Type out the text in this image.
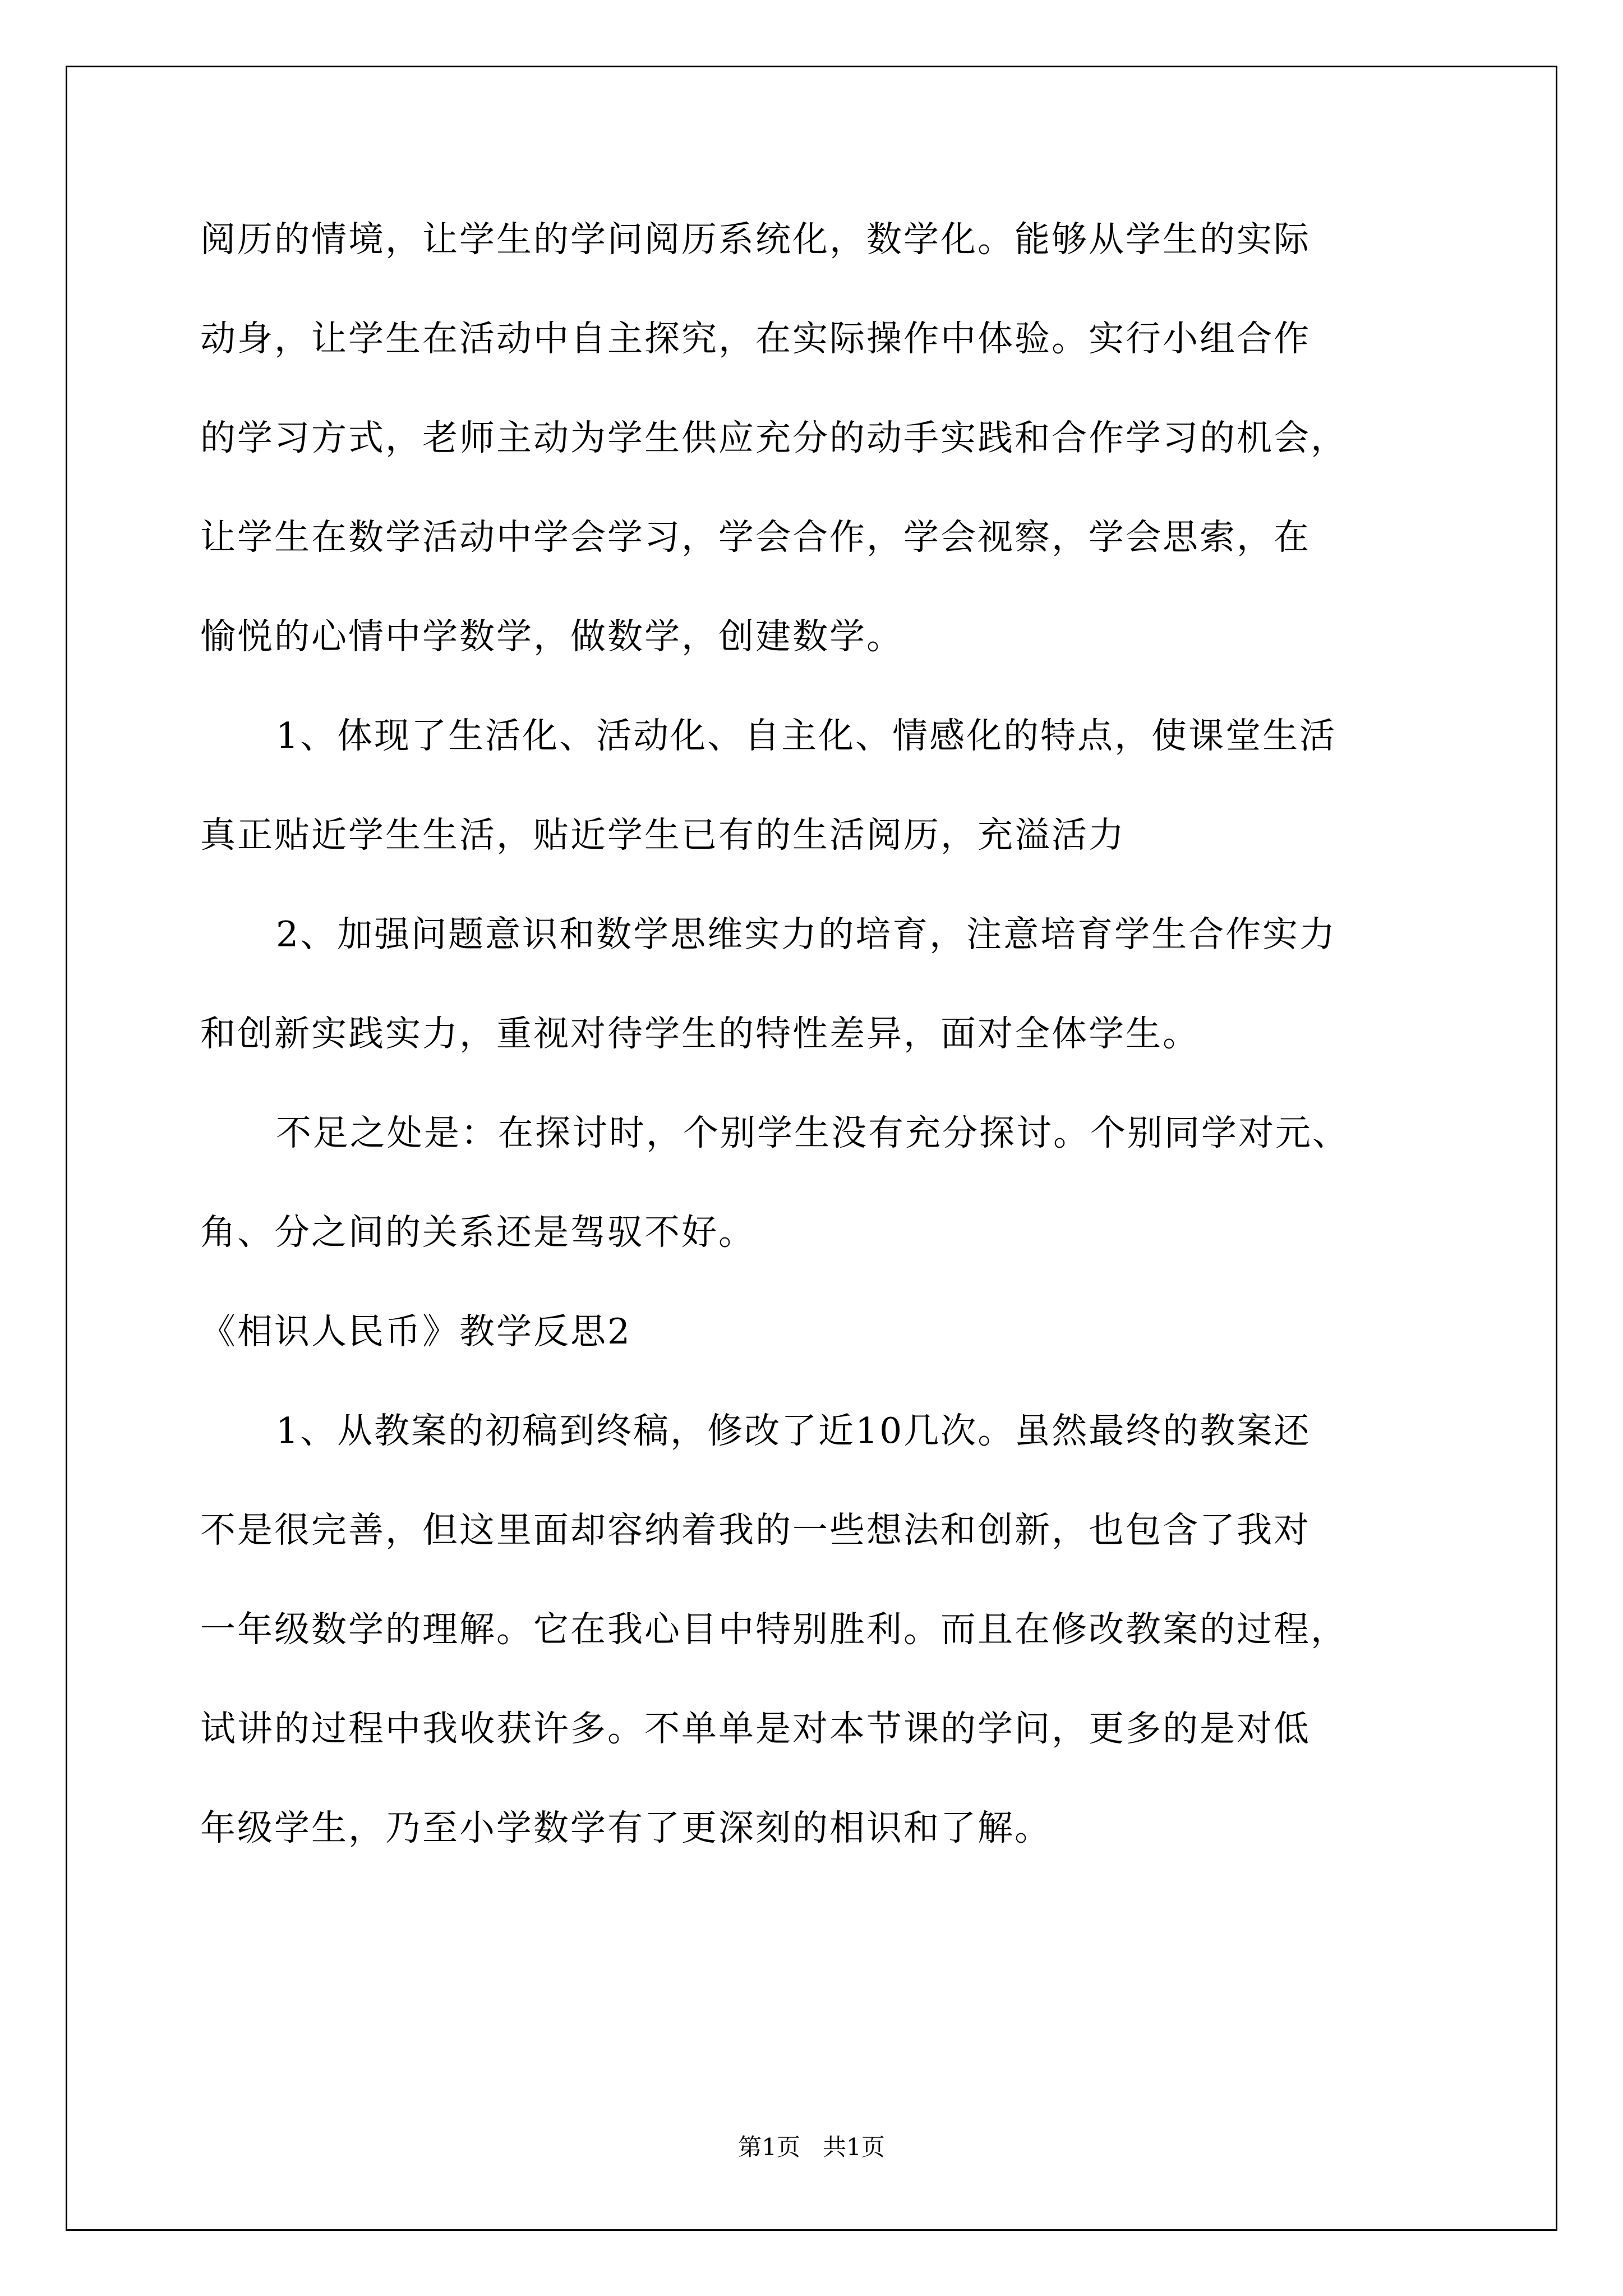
阅历的情境，让学生的学问阅历系统化，数学化。能够从学生的实际
动身，让学生在活动中自主探究，在实际操作中体验。实行小组合作
的学习方式，老师主动为学生供应充分的动手实践和合作学习的机会，
让学生在数学活动中学会学习，学会合作，学会视察，学会思索，在
愉悦的心情中学数学，做数学，创建数学。
1、体现了生活化、活动化、自主化、情感化的特点，使课堂生活
真正贴近学生生活，贴近学生已有的生活阅历，充溢活力
2、加强问题意识和数学思维实力的培育，注意培育学生合作实力
和创新实践实力，重视对待学生的特性差异，面对全体学生。
不足之处是：在探讨时，个别学生没有充分探讨。个别同学对元、
角、分之间的关系还是驾驭不好。
《相识人民币》教学反思2
1、从教案的初稿到终稿，修改了近10几次。虽然最终的教案还
不是很完善，但这里面却容纳着我的一些想法和创新，也包含了我对
一年级数学的理解。它在我心目中特别胜利。而且在修改教案的过程，
试讲的过程中我收获许多。不单单是对本节课的学问，更多的是对低
年级学生，乃至小学数学有了更深刻的相识和了解。
第1页   共1页
